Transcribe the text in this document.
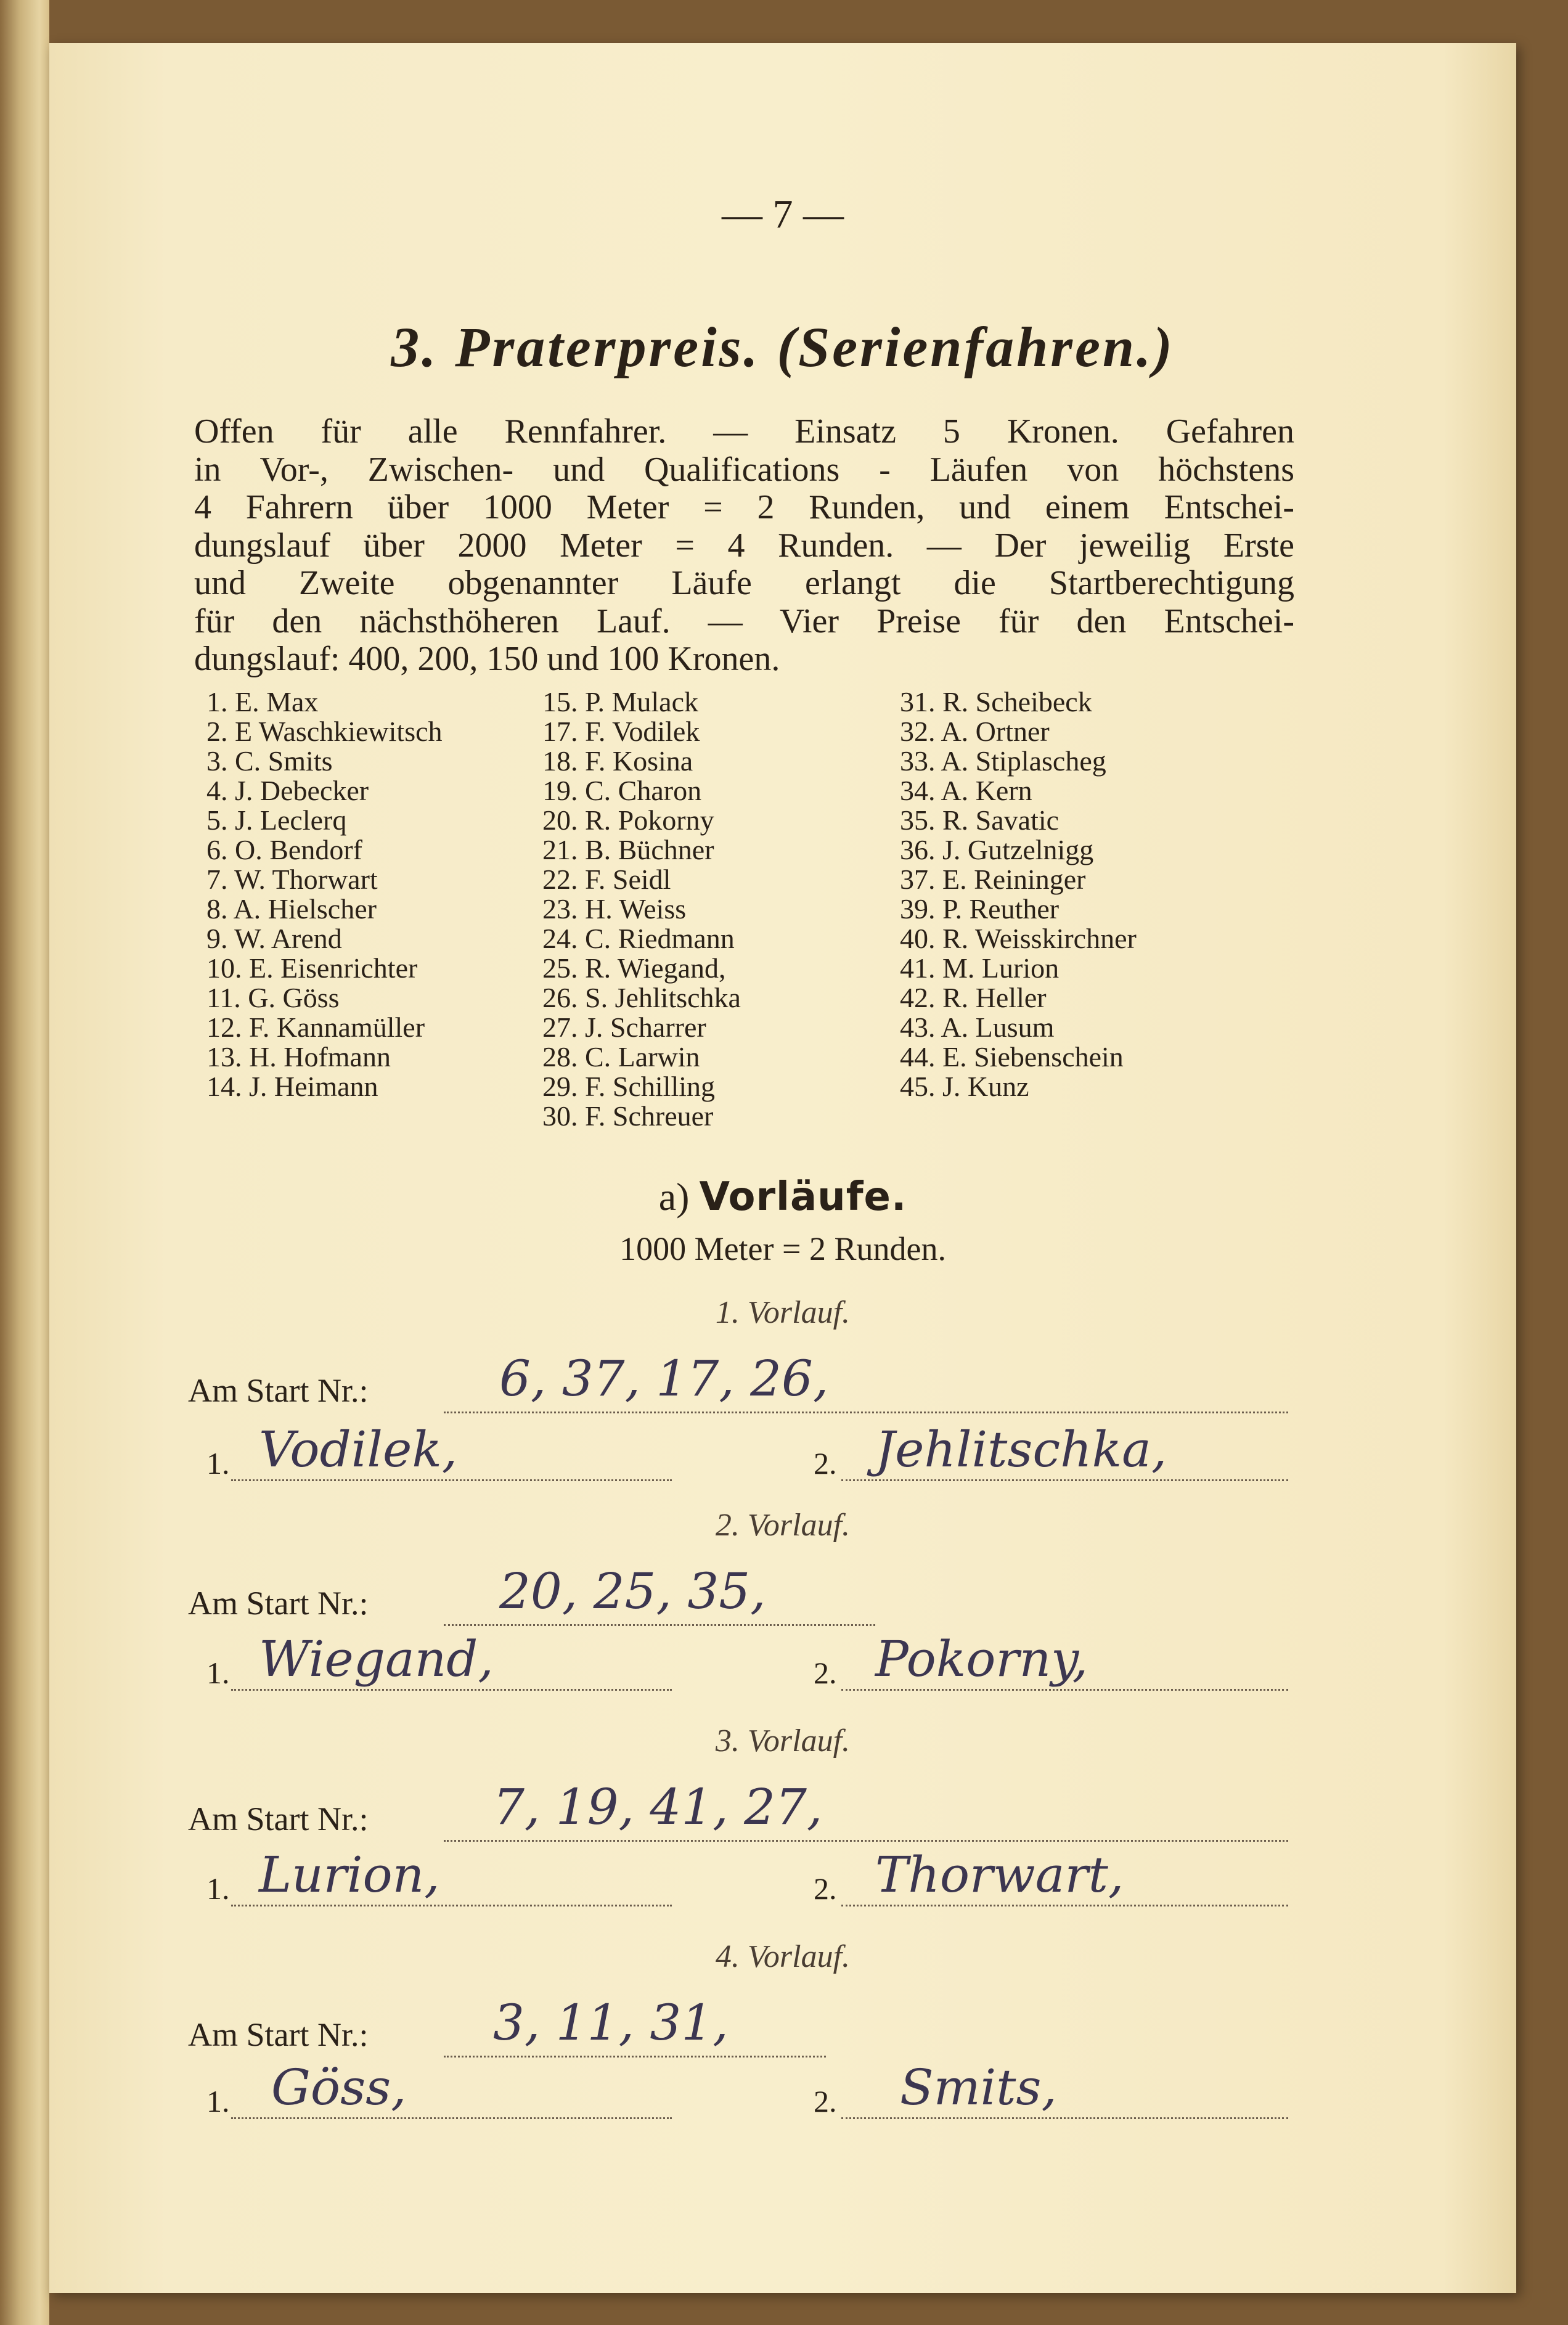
— 7 —
3. Praterpreis. (Serienfahren.)

Offen für alle Rennfahrer. — Einsatz 5 Kronen. Gefahren

in Vor-, Zwischen- und Qualifications - Läufen von höchstens

4 Fahrern über 1000 Meter = 2 Runden, und einem Entschei-

dungslauf über 2000 Meter = 4 Runden. — Der jeweilig Erste

und Zweite obgenannter Läufe erlangt die Startberechtigung

für den nächsthöheren Lauf. — Vier Preise für den Entschei-

dungslauf: 400, 200, 150 und 100 Kronen.

1. E. Max
2. E Waschkiewitsch
3. C. Smits
4. J. Debecker
5. J. Leclerq
6. O. Bendorf
7. W. Thorwart
8. A. Hielscher
9. W. Arend
10. E. Eisenrichter
11. G. Göss
12. F. Kannamüller
13. H. Hofmann
14. J. Heimann
15. P. Mulack
17. F. Vodilek
18. F. Kosina
19. C. Charon
20. R. Pokorny
21. B. Büchner
22. F. Seidl
23. H. Weiss
24. C. Riedmann
25. R. Wiegand,
26. S. Jehlitschka
27. J. Scharrer
28. C. Larwin
29. F. Schilling
30. F. Schreuer
31. R. Scheibeck
32. A. Ortner
33. A. Stiplascheg
34. A. Kern
35. R. Savatic
36. J. Gutzelnigg
37. E. Reininger
39. P. Reuther
40. R. Weisskirchner
41. M. Lurion
42. R. Heller
43. A. Lusum
44. E. Siebenschein
45. J. Kunz
a) Vorläufe.
1000 Meter = 2 Runden.
1. Vorlauf.
Am Start Nr.:	6, 37, 17, 26,
1. Vodilek,	2. Jehlitschka,
2. Vorlauf.
Am Start Nr.:	20, 25, 35,
1. Wiegand,	2. Pokorny,
3. Vorlauf.
Am Start Nr.:	7, 19, 41, 27,
1. Lurion,	2. Thorwart,
4. Vorlauf.
Am Start Nr.:	3, 11, 31,
1. Göss,	2. Smits,
